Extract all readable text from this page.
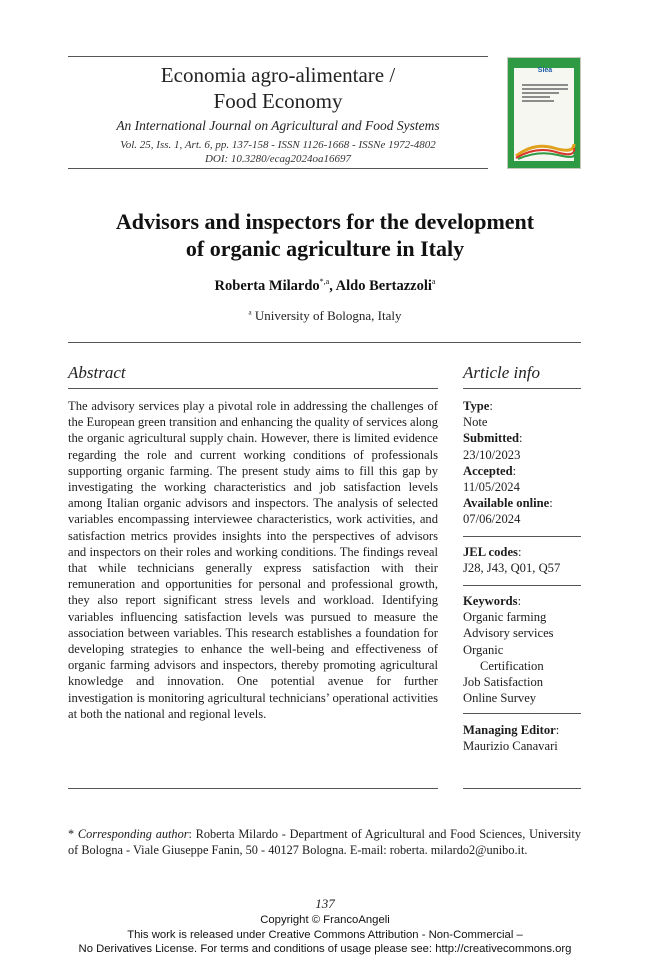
Economia agro-alimentare /
Food Economy
An International Journal on Agricultural and Food Systems
Vol. 25, Iss. 1, Art. 6, pp. 137-158 - ISSN 1126-1668 - ISSNe 1972-4802
DOI: 10.3280/ecag2024oa16697
Siea
Advisors and inspectors for the development
of organic agriculture in Italy
Roberta Milardo$^{*,a}$, Aldo Bertazzoli$^a$
$^a$ University of Bologna, Italy
Abstract	Article info
The advisory services play a pivotal role in addressing the challenges of the European green transition and enhancing the quality of services along the organic agricultural supply chain. However, there is limited evidence regarding the role and current working conditions of professionals supporting organic farming. The present study aims to fill this gap by investigating the working characteristics and job satisfaction levels among Italian organic advisors and inspectors. The analysis of selected variables encompassing interviewee characteristics, work activities, and satisfaction metrics provides insights into the perspectives of advisors and inspectors on their roles and working conditions. The findings reveal that while technicians generally express satisfaction with their remuneration and opportunities for personal and professional growth, they also report significant stress levels and workload. Identifying variables influencing satisfaction levels was pursued to measure the association between variables. This research establishes a foundation for developing strategies to enhance the well-being and effectiveness of organic farming advisors and inspectors, thereby promoting agricultural knowledge and innovation. One potential avenue for further investigation is monitoring agricultural technicians’ operational activities at both the national and regional levels.
Type:
Note
Submitted:
23/10/2023
Accepted:
11/05/2024
Available online:
07/06/2024
JEL codes:
J28, J43, Q01, Q57
Keywords:
Organic farming
Advisory services
Organic
Certification
Job Satisfaction
Online Survey
Managing Editor:
Maurizio Canavari
* Corresponding author: Roberta Milardo - Department of Agricultural and Food Sciences, University of Bologna - Viale Giuseppe Fanin, 50 - 40127 Bologna. E-mail: roberta. milardo2@unibo.it.
137
Copyright © FrancoAngeli
This work is released under Creative Commons Attribution - Non-Commercial –
No Derivatives License. For terms and conditions of usage please see: http://creativecommons.org
